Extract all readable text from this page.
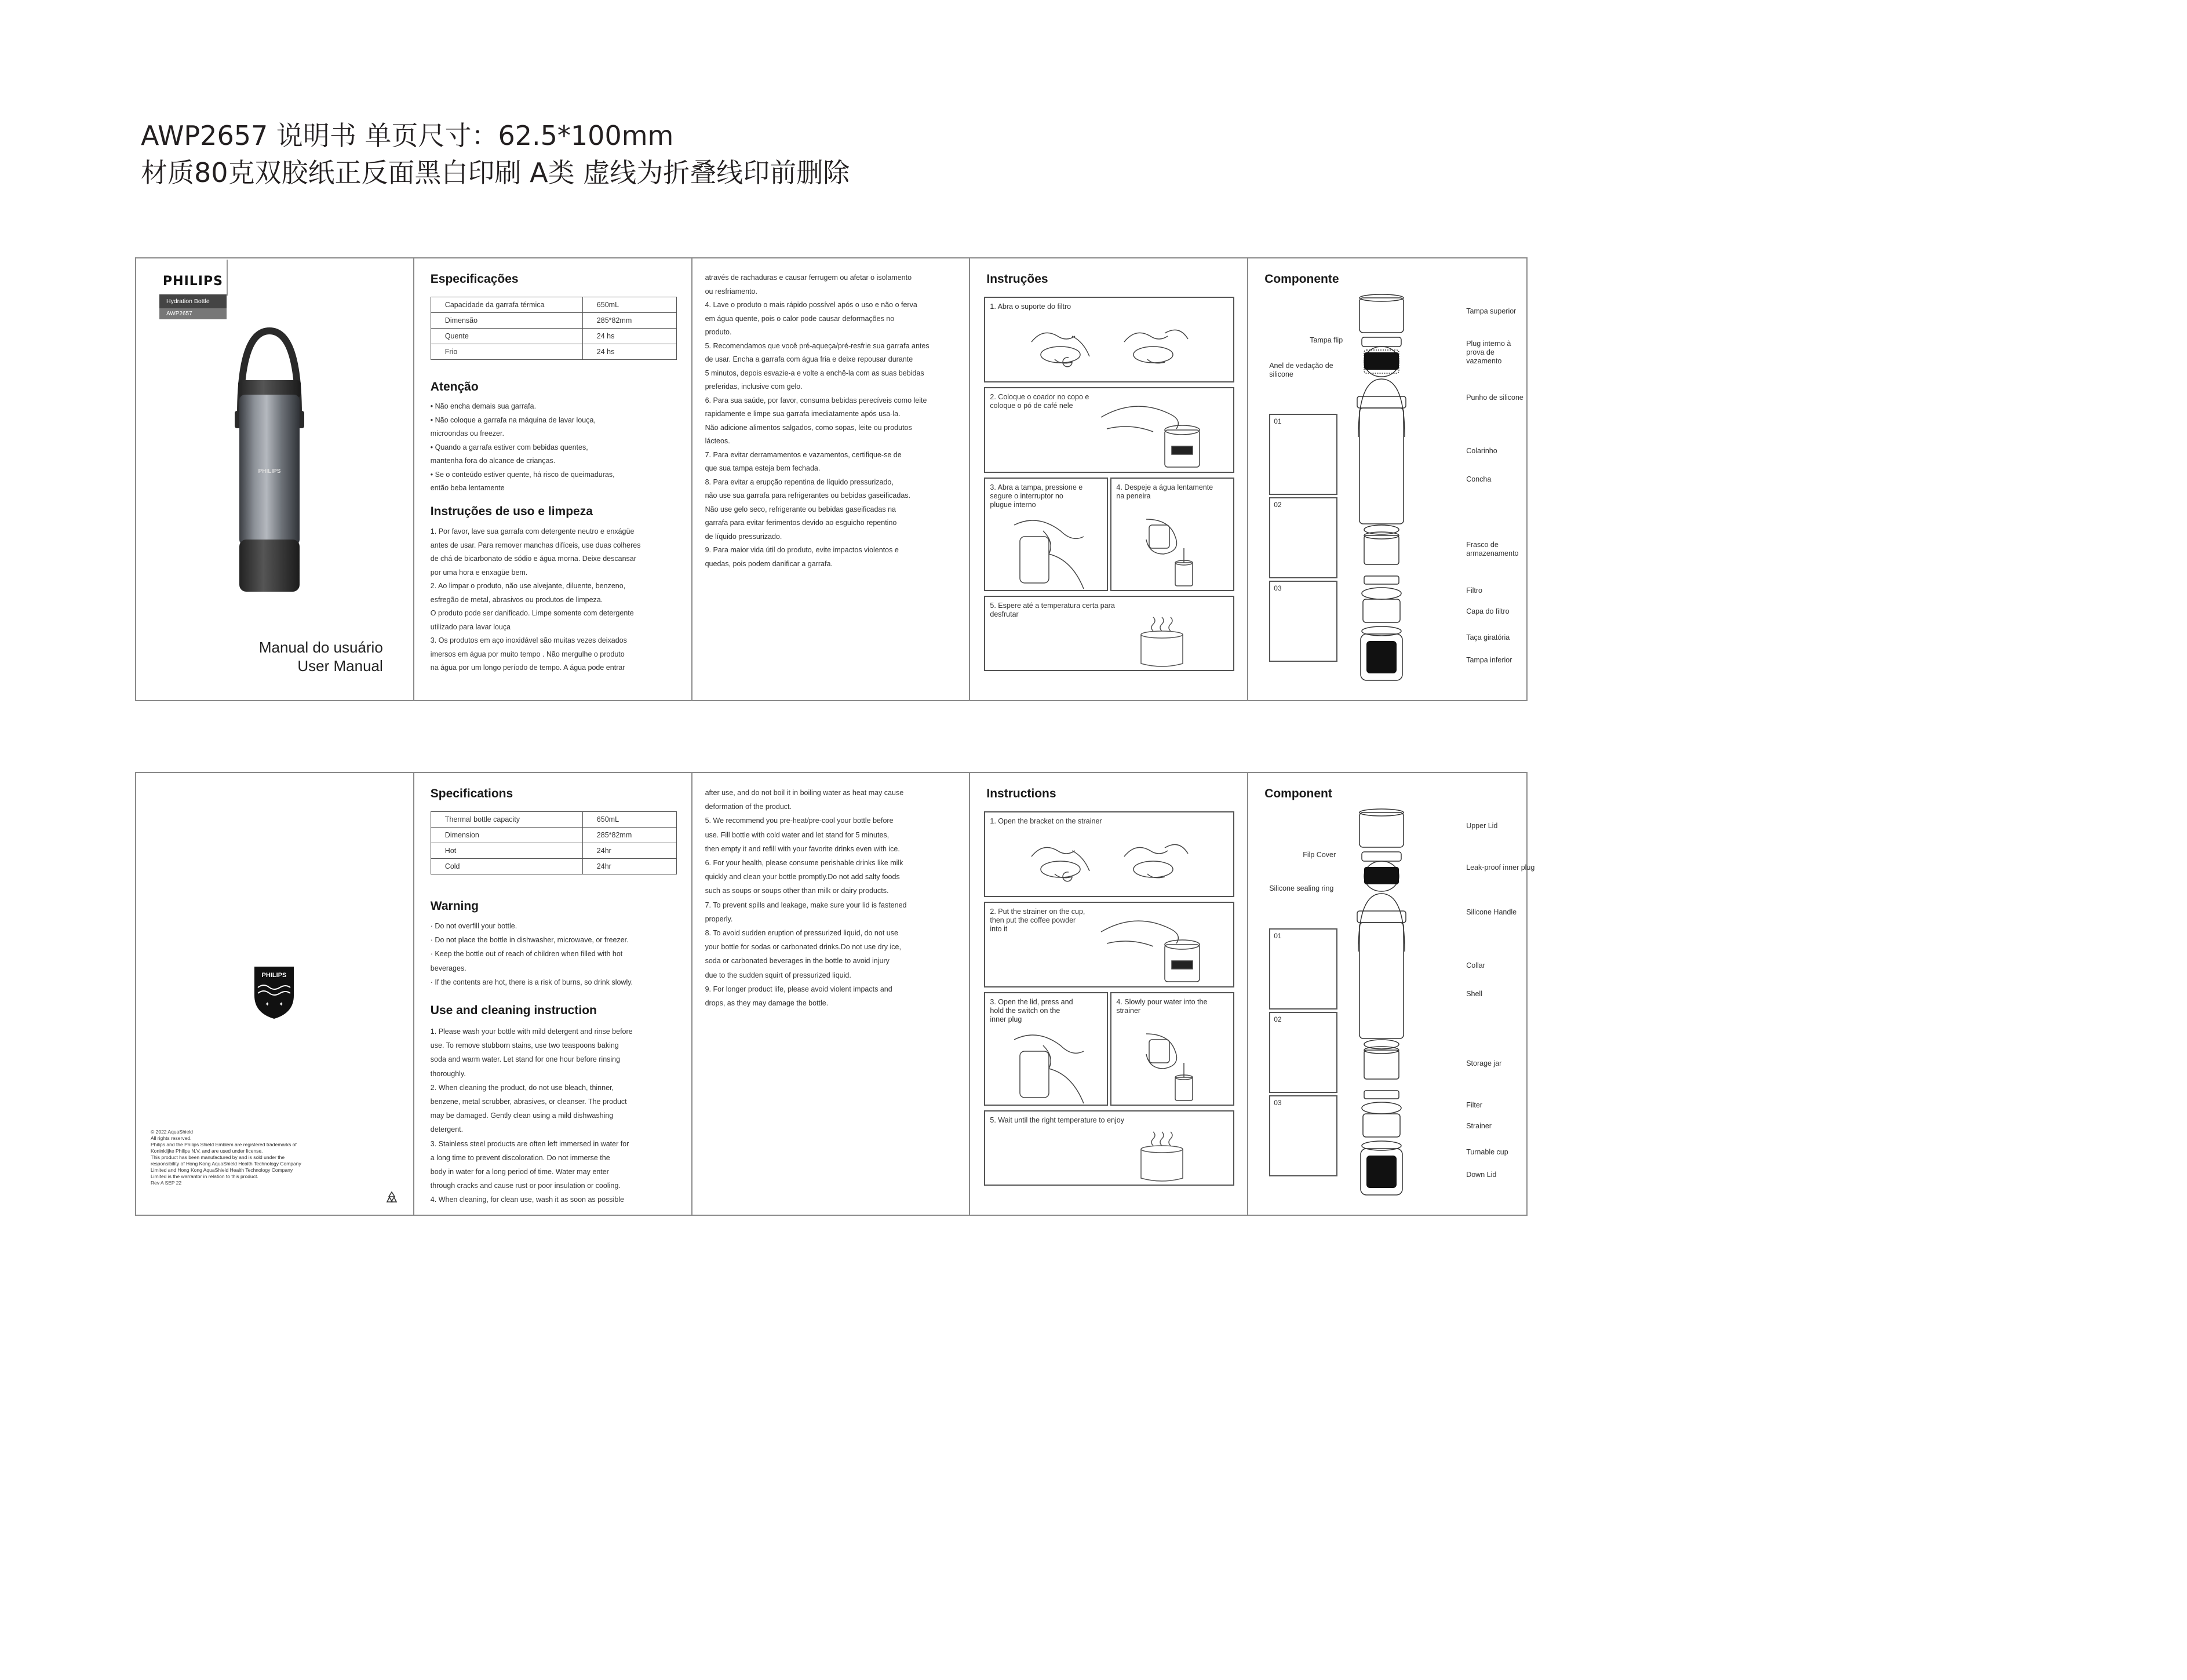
AWP2657 说明书 单页尺寸：62.5*100mm
材质80克双胶纸正反面黑白印刷 A类 虚线为折叠线印前删除
PHILIPS
Hydration Bottle
AWP2657
PHILIPS
Manual do usuário
User Manual
Especificações
Capacidade da garrafa térmica	650mL
Dimensão	285*82mm
Quente	24 hs
Frio	24 hs
Atenção
• Não encha demais sua garrafa.
• Não coloque a garrafa na máquina de lavar louça,
microondas ou freezer.
• Quando a garrafa estiver com bebidas quentes,
mantenha fora do alcance de crianças.
• Se o conteúdo estiver quente, há risco de queimaduras,
então beba lentamente
Instruções de uso e limpeza
1. Por favor, lave sua garrafa com detergente neutro e enxágüe
antes de usar. Para remover manchas difíceis, use duas colheres
de chá de bicarbonato de sódio e água morna. Deixe descansar
por uma hora e enxagüe bem.
2. Ao limpar o produto, não use alvejante, diluente, benzeno,
esfregão de metal, abrasivos ou produtos de limpeza.
O produto pode ser danificado. Limpe somente com detergente
utilizado para lavar louça
3. Os produtos em aço inoxidável são muitas vezes deixados
imersos em água por muito tempo . Não mergulhe o produto
na água por um longo período de tempo. A água pode entrar
através de rachaduras e causar ferrugem ou afetar o isolamento
ou resfriamento.
4. Lave o produto o mais rápido possível após o uso e não o ferva
em água quente, pois o calor pode causar deformações no
produto.
5. Recomendamos que você pré-aqueça/pré-resfrie sua garrafa antes
de usar. Encha a garrafa com água fria e deixe repousar durante
5 minutos, depois esvazie-a e volte a enchê-la com as suas bebidas
preferidas, inclusive com gelo.
6. Para sua saúde, por favor, consuma bebidas perecíveis como leite
rapidamente e limpe sua garrafa imediatamente após usa-la.
Não adicione alimentos salgados, como sopas, leite ou produtos
lácteos.
7. Para evitar derramamentos e vazamentos, certifique-se de
que sua tampa esteja bem fechada.
8. Para evitar a erupção repentina de líquido pressurizado,
não use sua garrafa para refrigerantes ou bebidas gaseificadas.
Não use gelo seco, refrigerante ou bebidas gaseificadas na
garrafa para evitar ferimentos devido ao esguicho repentino
de líquido pressurizado.
9. Para maior vida útil do produto, evite impactos violentos e
quedas, pois podem danificar a garrafa.
Instruções
1. Abra o suporte do filtro
2. Coloque o coador no copo e
coloque o pó de café nele
3. Abra a tampa, pressione e
segure o interruptor no
plugue interno
4. Despeje a água lentamente
na peneira
5. Espere até a temperatura certa para
desfrutar
Componente
Tampa superior
Tampa flip	Plug interno à prova de
vazamento
Anel de vedação de
silicone
Punho de silicone
Colarinho
Concha
Frasco de
armazenamento
Filtro
Capa do filtro
Taça giratória
Tampa inferior
01
02
03
PHILIPS
✦ ✦
© 2022 AquaShield
All rights reserved.
Philips and the Philips Shield Emblem are registered trademarks of
Koninklijke Philips N.V. and are used under license.
This product has been manufactured by and is sold under the
responsibility of Hong Kong AquaShield Health Technology Company
Limited and Hong Kong AquaShield Health Technology Company
Limited is the warrantor in relation to this product.
Rev A SEP 22
Specifications
Thermal bottle capacity	650mL
Dimension	285*82mm
Hot	24hr
Cold	24hr
Warning
· Do not overfill your bottle.
· Do not place the bottle in dishwasher, microwave, or freezer.
· Keep the bottle out of reach of children when filled with hot
beverages.
· If the contents are hot, there is a risk of burns, so drink slowly.
Use and cleaning instruction
1. Please wash your bottle with mild detergent and rinse before
use. To remove stubborn stains, use two teaspoons baking
soda and warm water. Let stand for one hour before rinsing
thoroughly.
2. When cleaning the product, do not use bleach, thinner,
benzene, metal scrubber, abrasives, or cleanser. The product
may be damaged. Gently clean using a mild dishwashing
detergent.
3. Stainless steel products are often left immersed in water for
a long time to prevent discoloration. Do not immerse the
body in water for a long period of time. Water may enter
through cracks and cause rust or poor insulation or cooling.
4. When cleaning, for clean use, wash it as soon as possible
after use, and do not boil it in boiling water as heat may cause
deformation of the product.
5. We recommend you pre-heat/pre-cool your bottle before
use. Fill bottle with cold water and let stand for 5 minutes,
then empty it and refill with your favorite drinks even with ice.
6. For your health, please consume perishable drinks like milk
quickly and clean your bottle promptly.Do not add salty foods
such as soups or soups other than milk or dairy products.
7. To prevent spills and leakage, make sure your lid is fastened
properly.
8. To avoid sudden eruption of pressurized liquid, do not use
your bottle for sodas or carbonated drinks.Do not use dry ice,
soda or carbonated beverages in the bottle to avoid injury
due to the sudden squirt of pressurized liquid.
9. For longer product life, please avoid violent impacts and
drops, as they may damage the bottle.
Instructions
1. Open the bracket on the strainer
2. Put the strainer on the cup,
then put the coffee powder
into it
3. Open the lid, press and
hold the switch on the
inner plug
4. Slowly pour water into the
strainer
5. Wait until the right temperature to enjoy
Component
Upper Lid
Filp Cover
Leak-proof inner plug
Silicone sealing ring
Silicone Handle
Collar
Shell
Storage jar
Filter
Strainer
Turnable cup
Down Lid
01
02
03
